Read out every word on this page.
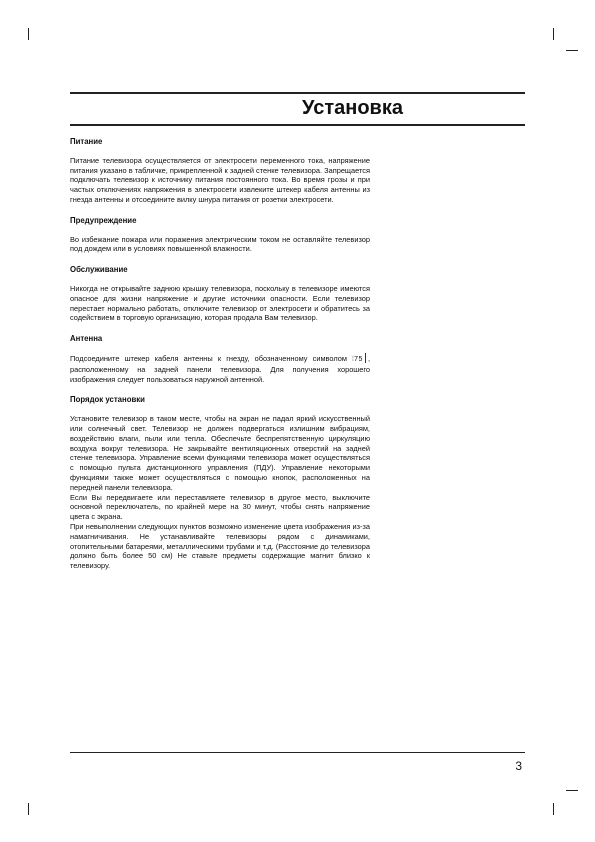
Установка
Питание

Питание телевизора осуществляется от электросети переменного тока, напряжение питания указано в табличке, прикрепленной к задней стенке телевизора. Запрещается подключать телевизор к источнику питания постоянного тока. Во время грозы и при частых отключениях напряжения в электросети извлеките штекер кабеля антенны из гнезда антенны и отсоедините вилку шнура питания от розетки электросети.

Предупреждение

Во избежание пожара или поражения электрическим током не оставляйте телевизор под дождем или в условиях повышенной влажности.

Обслуживание

Никогда не открывайте заднюю крышку телевизора, поскольку в телевизоре имеются опасное для жизни напряжение и другие источники опасности. Если телевизор перестает нормально работать, отключите телевизор от электросети и обратитесь за содействием в торговую организацию, которая продала Вам телевизор.

Антенна

Подсоедините штекер кабеля антенны к гнезду, обозначенному символом ⦙75 , расположенному на задней панели телевизора. Для получения хорошего изображения следует пользоваться наружной антенной.

Порядок установки

Установите телевизор в таком месте, чтобы на экран не падал яркий искусственный или солнечный свет. Телевизор не должен подвергаться излишним вибрациям, воздействию влаги, пыли или тепла. Обеспечьте беспрепятственную циркуляцию воздуха вокруг телевизора. Не закрывайте вентиляционных отверстий на задней стенке телевизора. Управление всеми функциями телевизора может осуществляться с помощью пульта дистанционного управления (ПДУ). Управление некоторыми функциями также может осуществляться с помощью кнопок, расположенных на передней панели телевизора.

Если Вы передвигаете или переставляете телевизор в другое место, выключите основной переключатель, по крайней мере на 30 минут, чтобы снять напряжение цвета с экрана.

При невыполнении следующих пунктов возможно изменение цвета изображения из-за намагничивания. Не устанавливайте телевизоры рядом с динамиками, отопительными батареями, металлическими трубами и т.д. (Расстояние до телевизора должно быть более 50 см) Не ставьте предметы содержащие магнит близко к телевизору.

3
